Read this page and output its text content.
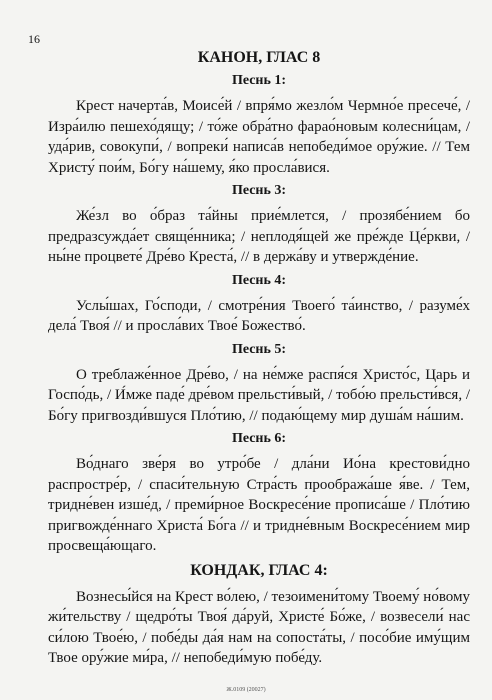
16
КАНОН, ГЛАС 8
Песнь 1:

Крест начерта́в, Моисе́й / впря́мо жезло́м Чермно́е пресече́, / Изра́илю пешехо́дящу; / то́же обра́тно фарао́новым колесни́цам, / уда́рив, совокупи́, / вопреки́ написа́в непобеди́мое ору́жие. // Тем Христу́ пои́м, Бо́гу на́шему, я́ко просла́вися.

Песнь 3:

Же́зл во о́браз та́йны прие́млется, / прозябе́нием бо предразсужда́ет свяще́нника; / неплодя́щей же пре́жде Це́ркви, / ны́не процвете́ Дре́во Креста́, // в держа́ву и утвержде́ние.

Песнь 4:

Услы́шах, Го́споди, / смотре́ния Твоего́ та́инство, / разуме́х дела́ Твоя́ // и просла́вих Твое́ Божество́.

Песнь 5:

О треблаже́нное Дре́во, / на не́мже распя́ся Христо́с, Царь и Госпо́дь, / И́мже паде́ дре́вом прельсти́вый, / тобо́ю прельсти́вся, / Бо́гу пригвозди́вшуся Пло́тию, // подаю́щему мир душа́м на́шим.

Песнь 6:

Во́днаго зве́ря во утро́бе / дла́ни Ио́на крестови́дно распростре́р, / спаси́тельную Стра́сть прообража́ше я́ве. / Тем, тридне́вен изше́д, / преми́рное Воскресе́ние прописа́ше / Пло́тию пригвожде́ннаго Христа́ Бо́га // и тридне́вным Воскресе́нием мир просвеща́ющаго.

КОНДАК, ГЛАС 4:

Вознесы́йся на Крест во́лею, / тезоимени́тому Твоему́ но́вому жи́тельству / щедро́ты Твоя́ да́руй, Христе́ Бо́же, / возвесели́ нас си́лою Твое́ю, / побе́ды да́я нам на сопоста́ты, / посо́бие иму́щим Твое ору́жие ми́ра, // непобеди́мую побе́ду.

Ж.0109 (20027)
